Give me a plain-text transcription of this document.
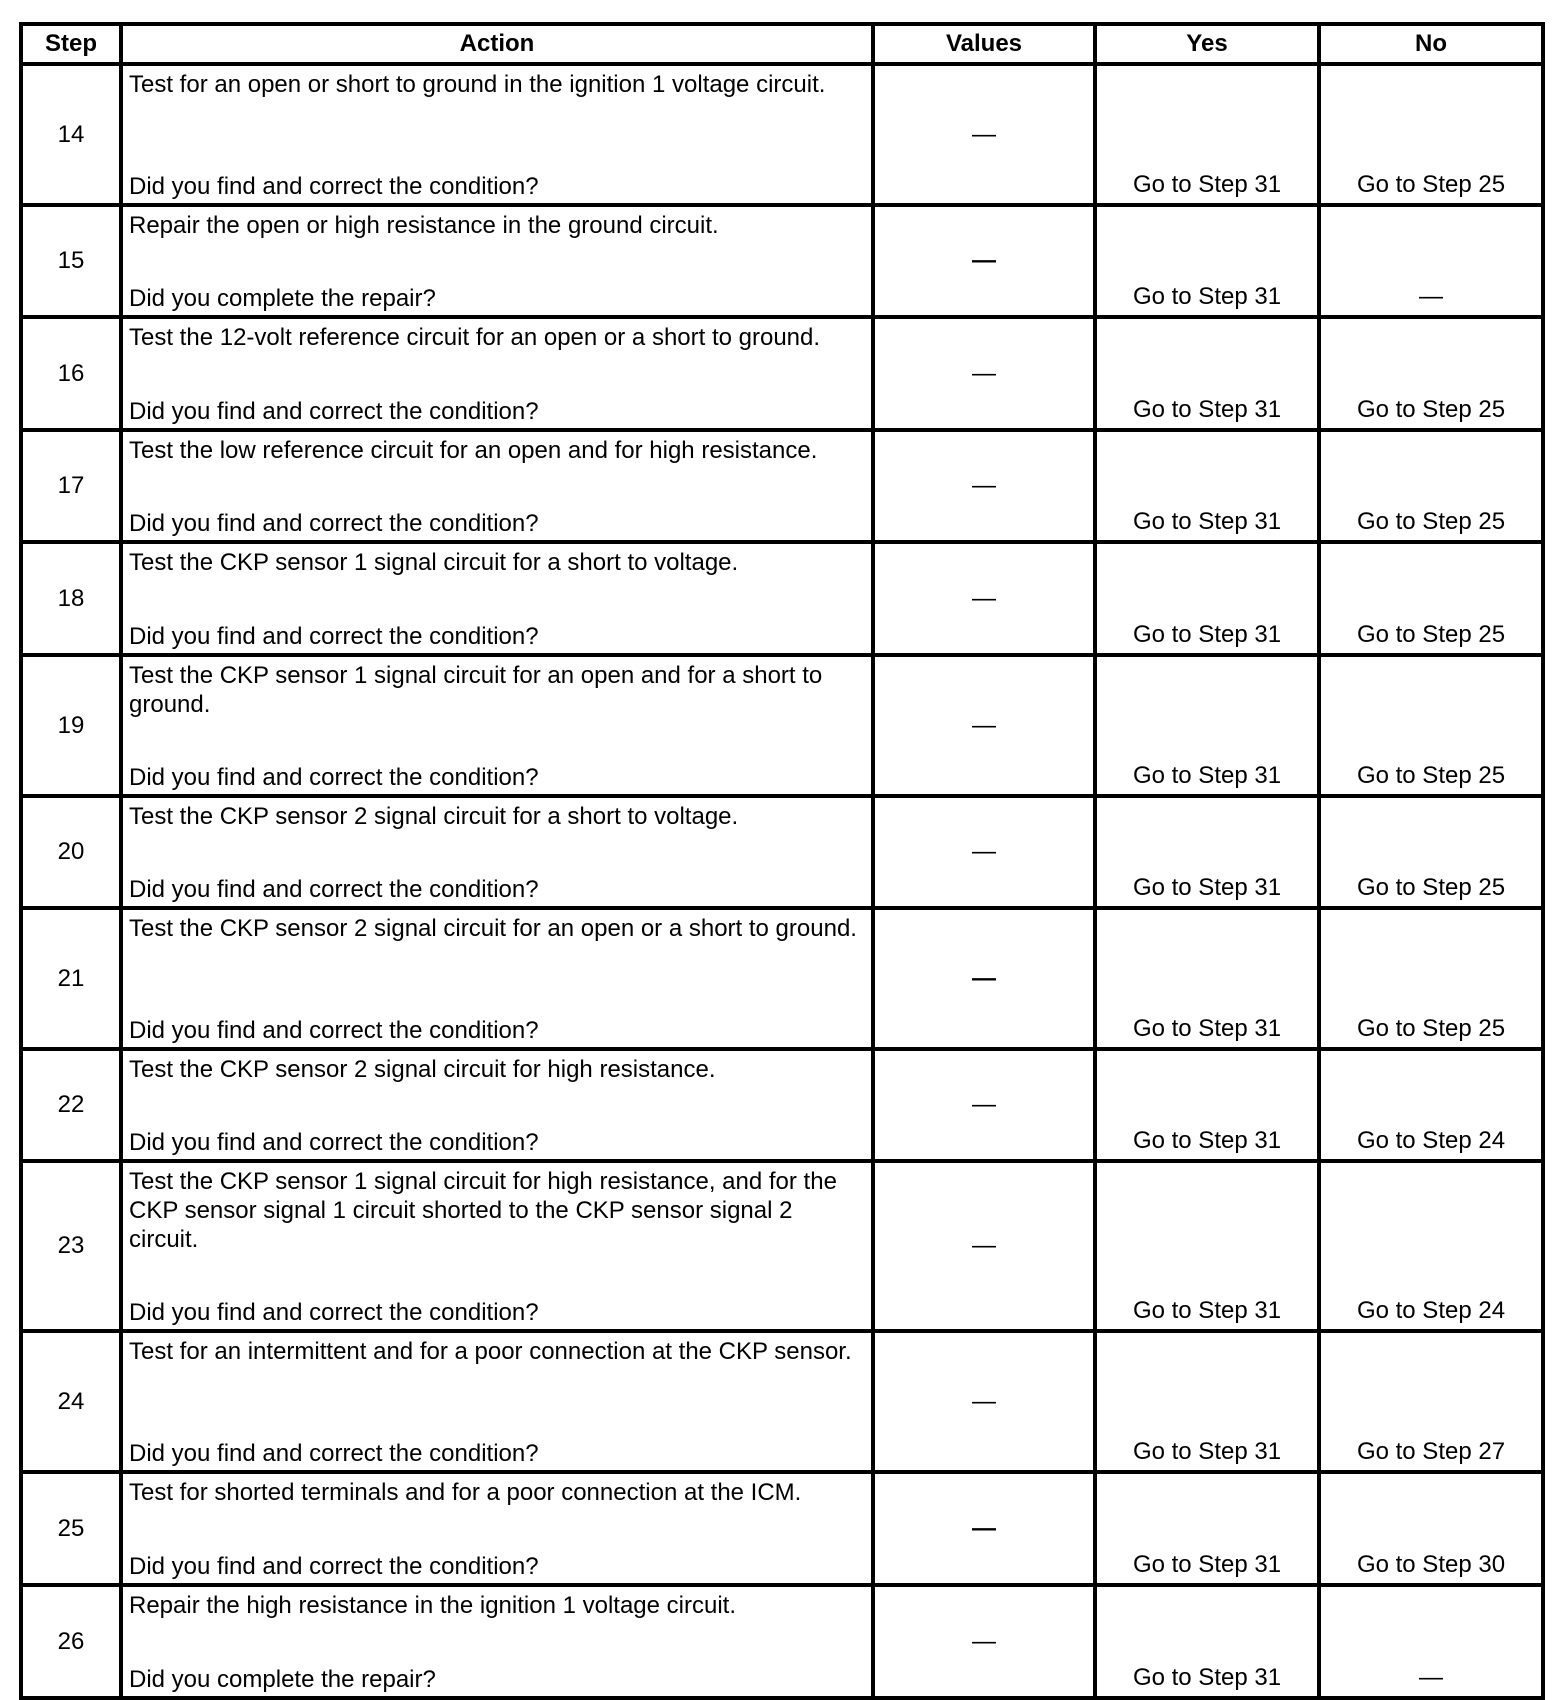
Step	Action	Values	Yes	No
14	Test for an open or short to ground in the ignition 1 voltage circuit.
Did you find and correct the condition?	—	Go to Step 31	Go to Step 25
15	Repair the open or high resistance in the ground circuit.
Did you complete the repair?	—	Go to Step 31	—
16	Test the 12-volt reference circuit for an open or a short to ground.
Did you find and correct the condition?	—	Go to Step 31	Go to Step 25
17	Test the low reference circuit for an open and for high resistance.
Did you find and correct the condition?	—	Go to Step 31	Go to Step 25
18	Test the CKP sensor 1 signal circuit for a short to voltage.
Did you find and correct the condition?	—	Go to Step 31	Go to Step 25
19	Test the CKP sensor 1 signal circuit for an open and for a short to ground.
Did you find and correct the condition?	—	Go to Step 31	Go to Step 25
20	Test the CKP sensor 2 signal circuit for a short to voltage.
Did you find and correct the condition?	—	Go to Step 31	Go to Step 25
21	Test the CKP sensor 2 signal circuit for an open or a short to ground.
Did you find and correct the condition?	—	Go to Step 31	Go to Step 25
22	Test the CKP sensor 2 signal circuit for high resistance.
Did you find and correct the condition?	—	Go to Step 31	Go to Step 24
23	Test the CKP sensor 1 signal circuit for high resistance, and for the CKP sensor signal 1 circuit shorted to the CKP sensor signal 2 circuit.
Did you find and correct the condition?	—	Go to Step 31	Go to Step 24
24	Test for an intermittent and for a poor connection at the CKP sensor.
Did you find and correct the condition?	—	Go to Step 31	Go to Step 27
25	Test for shorted terminals and for a poor connection at the ICM.
Did you find and correct the condition?	—	Go to Step 31	Go to Step 30
26	Repair the high resistance in the ignition 1 voltage circuit.
Did you complete the repair?	—	Go to Step 31	—
